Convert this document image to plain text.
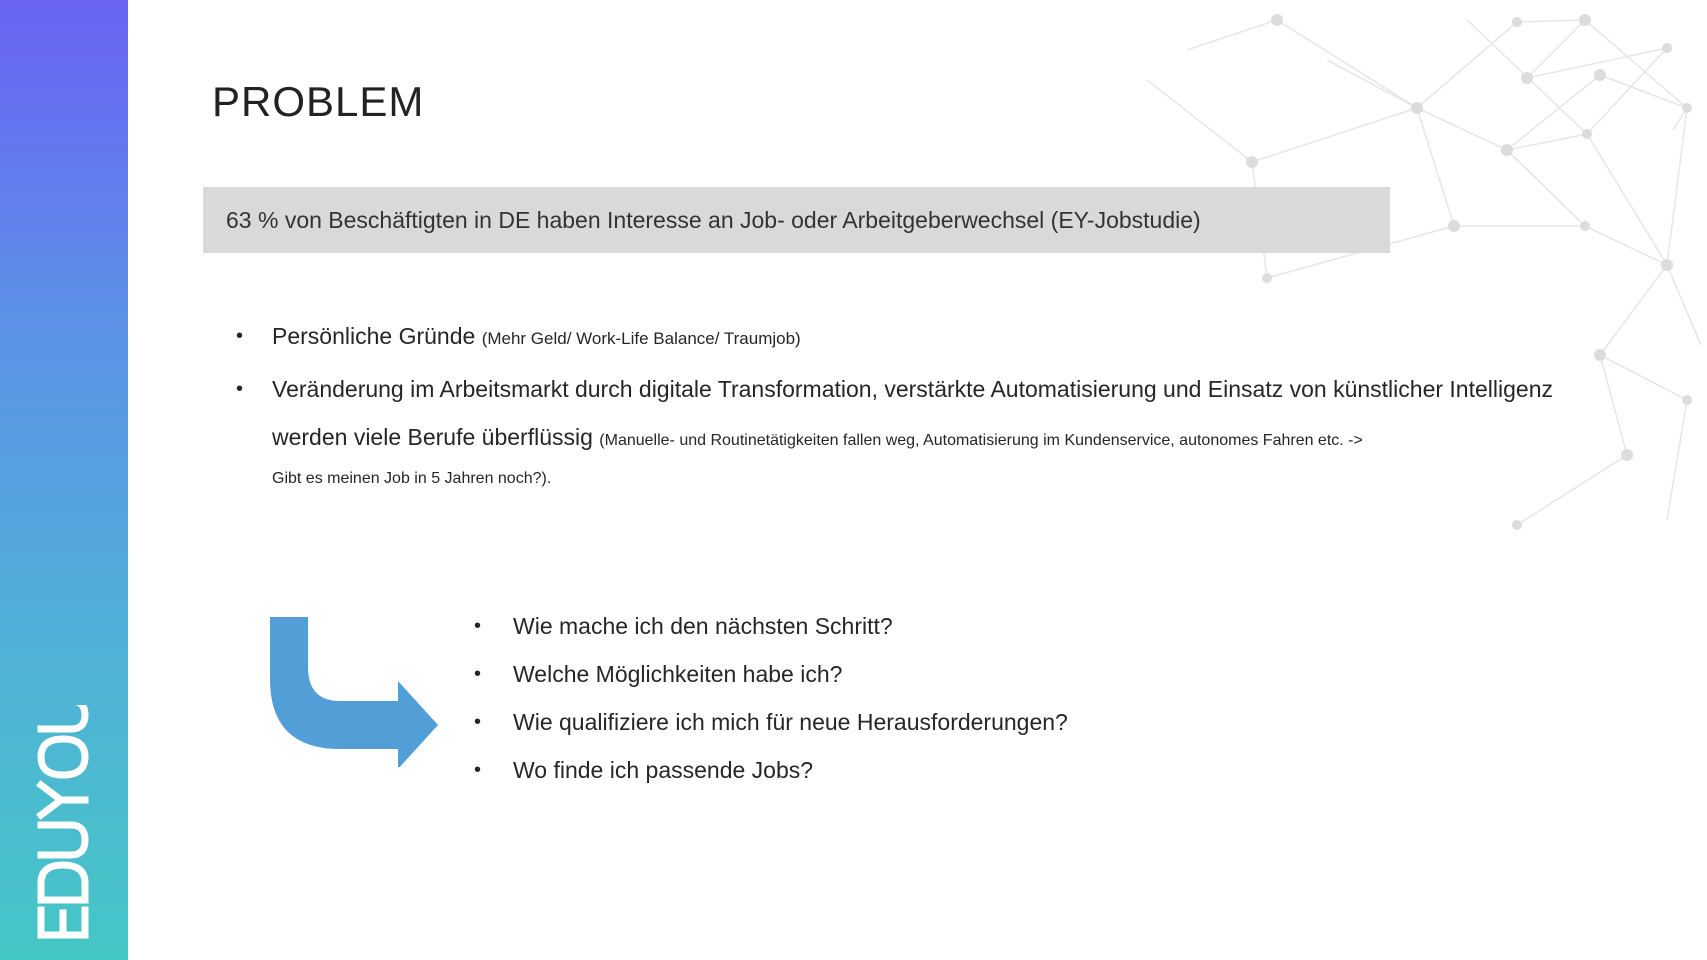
PROBLEM
63 % von Beschäftigten in DE haben Interesse an Job- oder Arbeitgeberwechsel (EY-Jobstudie)
• Persönliche Gründe (Mehr Geld/ Work-Life Balance/ Traumjob)
• Veränderung im Arbeitsmarkt durch digitale Transformation, verstärkte Automatisierung und Einsatz von künstlicher Intelligenz werden viele Berufe überflüssig (Manuelle- und Routinetätigkeiten fallen weg, Automatisierung im Kundenservice, autonomes Fahren etc. ->
Gibt es meinen Job in 5 Jahren noch?).
• Wie mache ich den nächsten Schritt?
• Welche Möglichkeiten habe ich?
• Wie qualifiziere ich mich für neue Herausforderungen?
• Wo finde ich passende Jobs?
